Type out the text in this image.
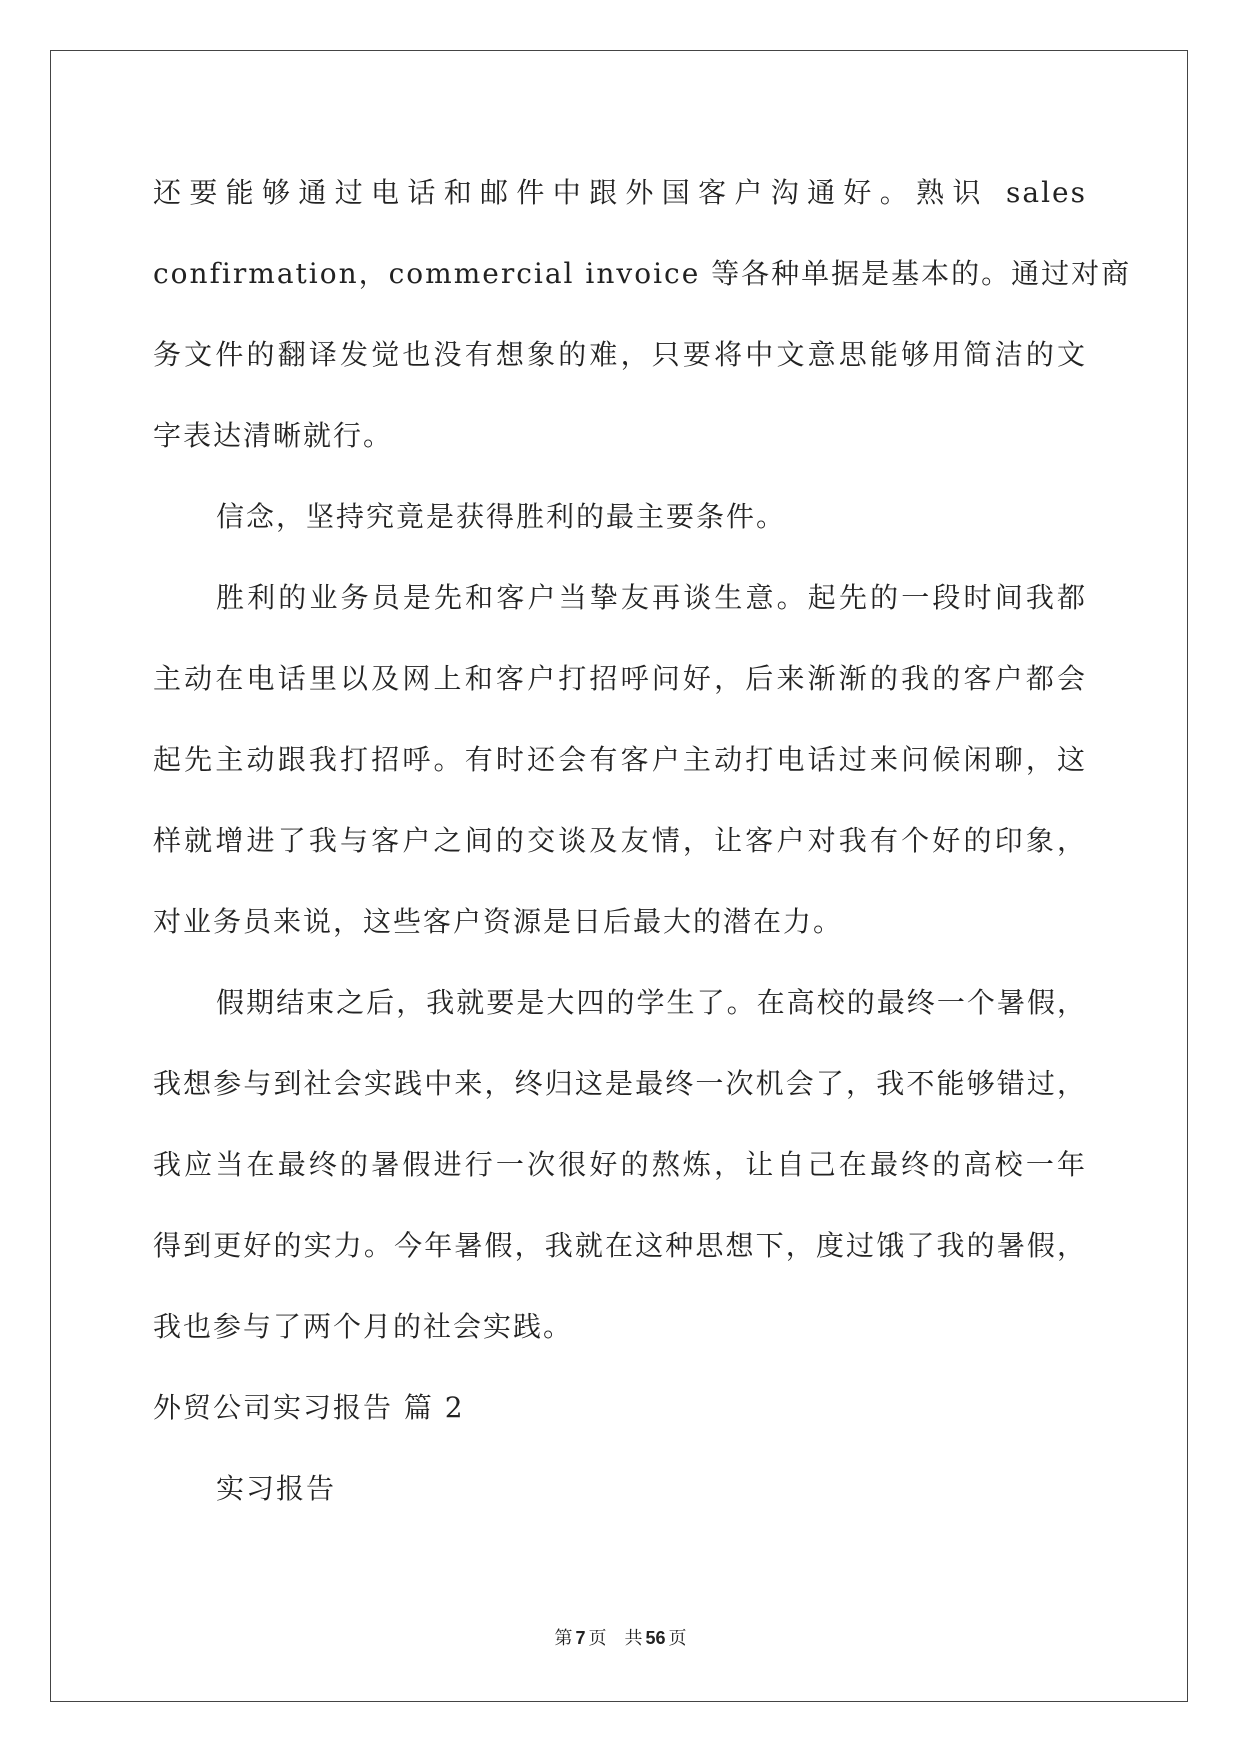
还要能够通过电话和邮件中跟外国客户沟通好。熟识 sales
confirmation，commercial invoice 等各种单据是基本的。通过对商
务文件的翻译发觉也没有想象的难，只要将中文意思能够用简洁的文
字表达清晰就行。
信念，坚持究竟是获得胜利的最主要条件。
胜利的业务员是先和客户当挚友再谈生意。起先的一段时间我都
主动在电话里以及网上和客户打招呼问好，后来渐渐的我的客户都会
起先主动跟我打招呼。有时还会有客户主动打电话过来问候闲聊，这
样就增进了我与客户之间的交谈及友情，让客户对我有个好的印象，
对业务员来说，这些客户资源是日后最大的潜在力。
假期结束之后，我就要是大四的学生了。在高校的最终一个暑假，
我想参与到社会实践中来，终归这是最终一次机会了，我不能够错过，
我应当在最终的暑假进行一次很好的熬炼，让自己在最终的高校一年
得到更好的实力。今年暑假，我就在这种思想下，度过饿了我的暑假，
我也参与了两个月的社会实践。
外贸公司实习报告 篇 2
实习报告
第 7 页 共 56 页
